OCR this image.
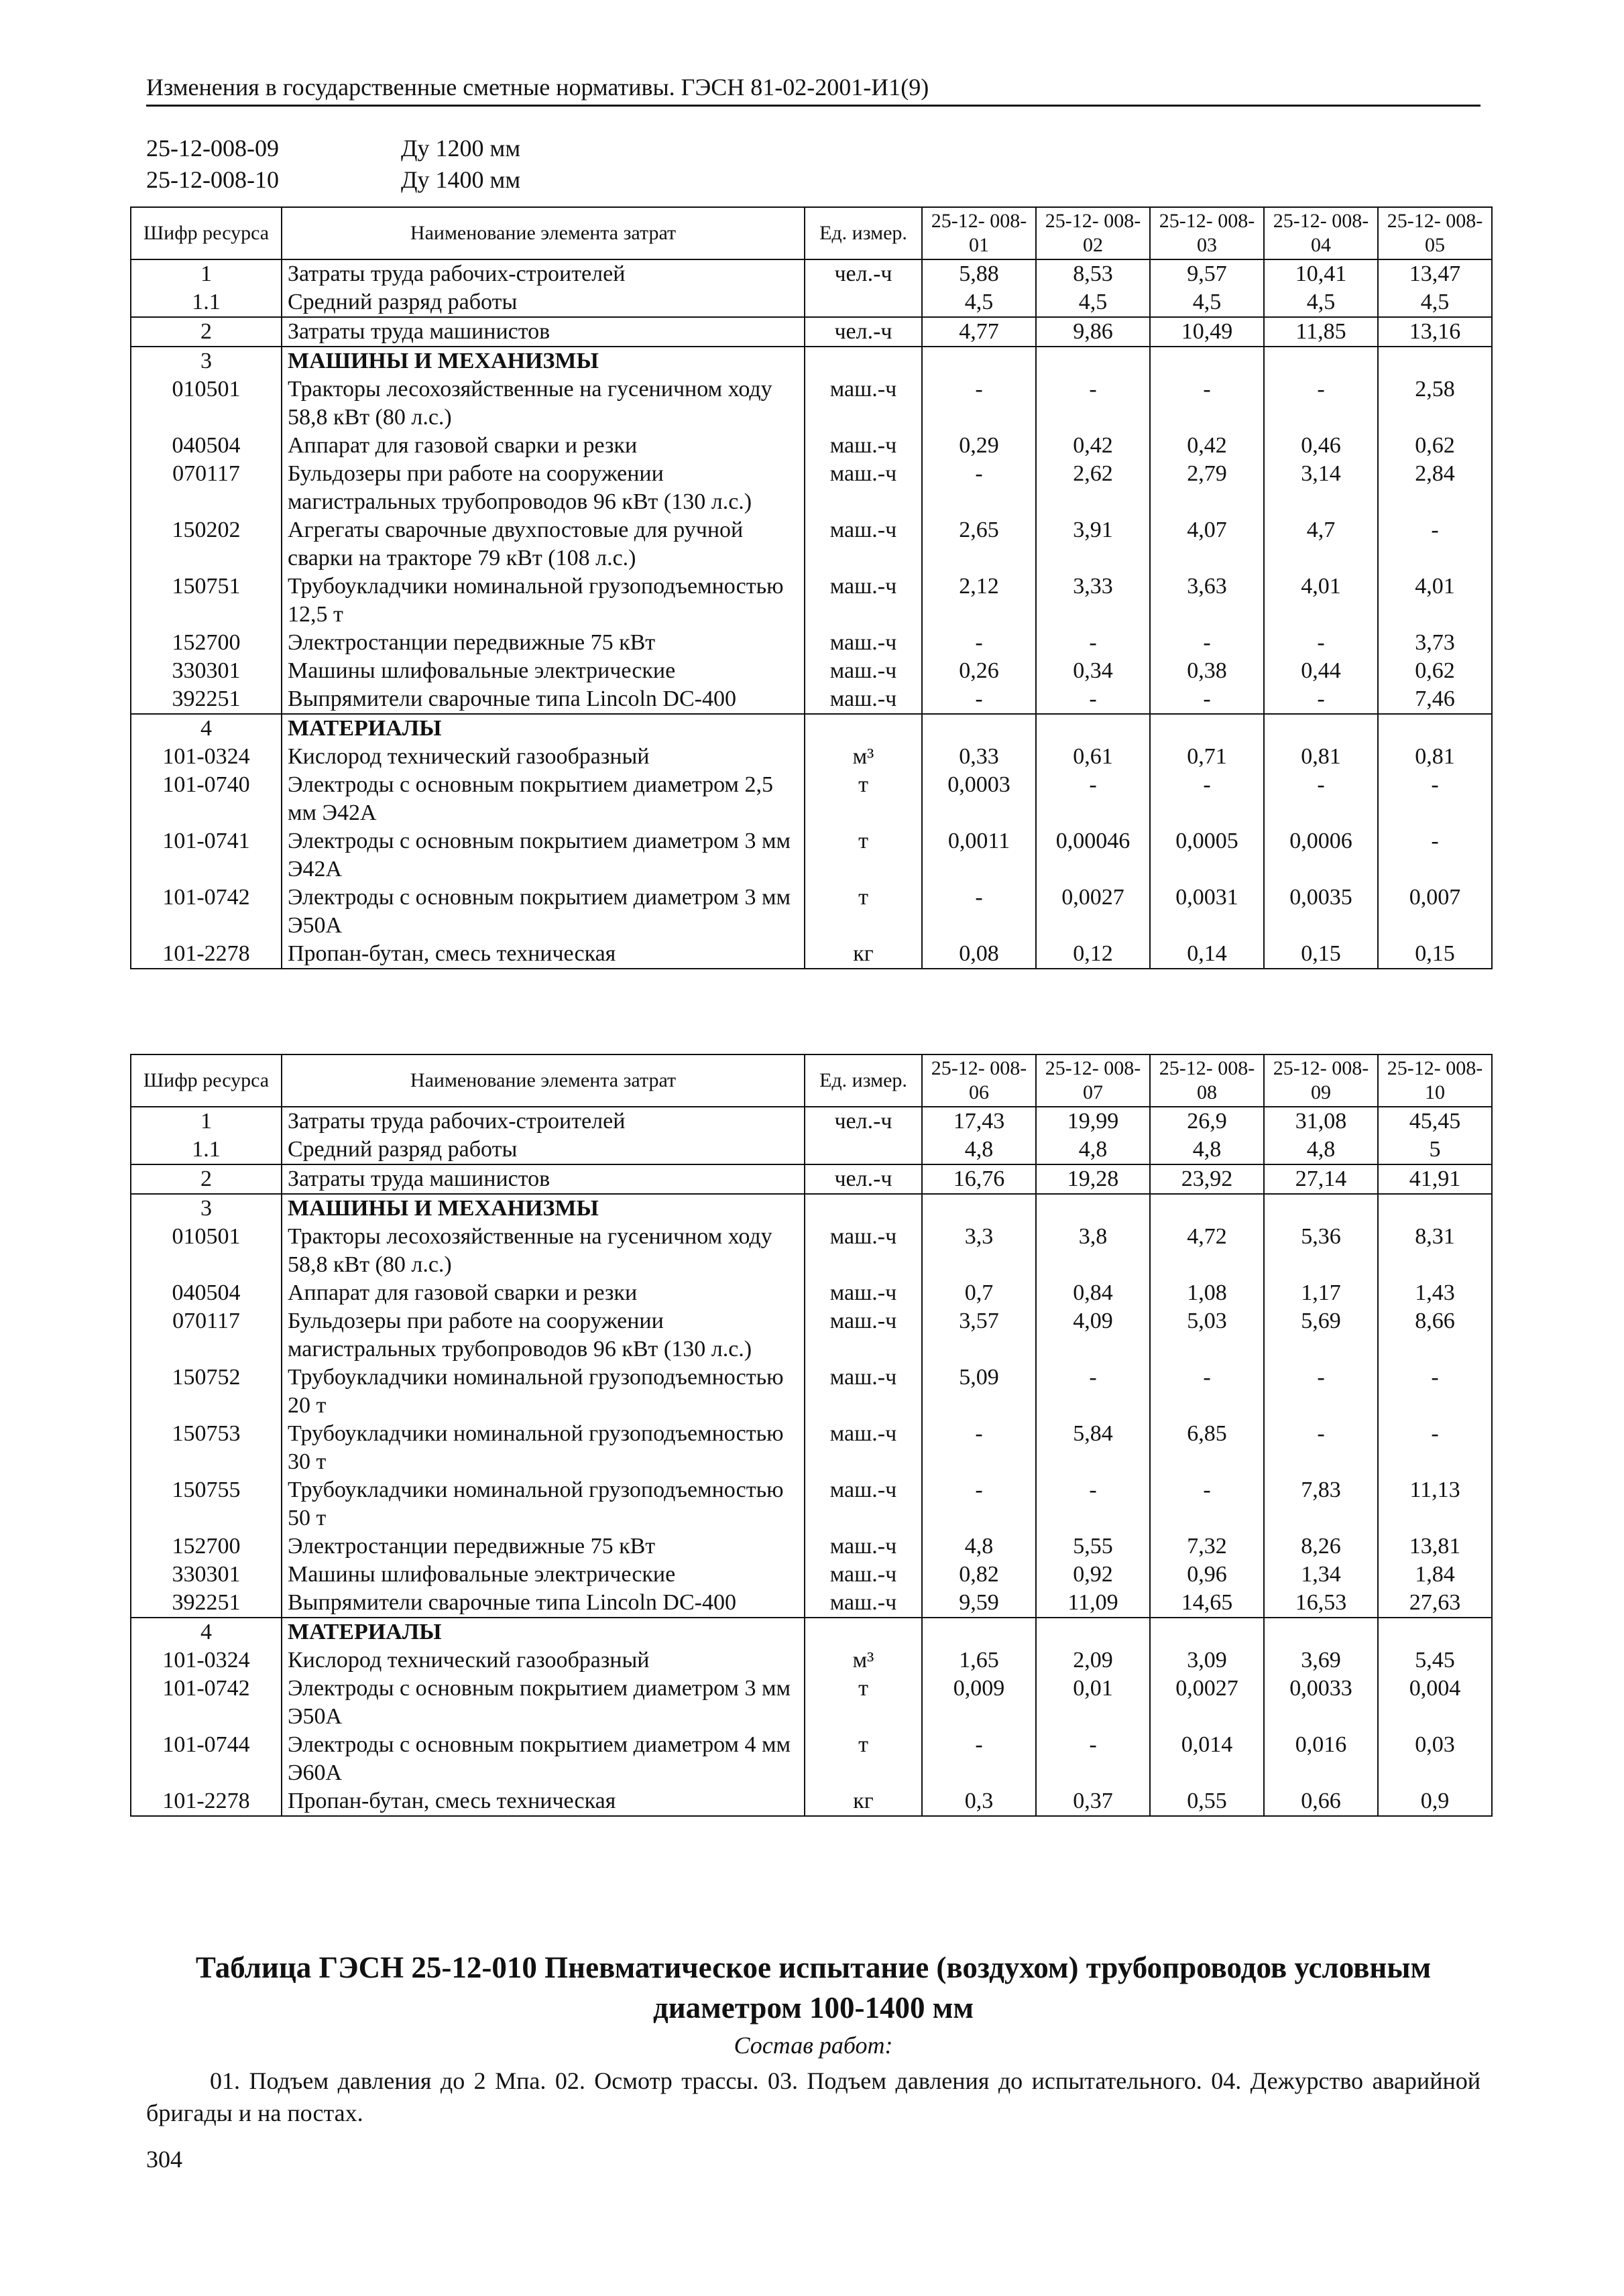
Изменения в государственные сметные нормативы. ГЭСН 81-02-2001-И1(9)
25-12-008-09	Ду 1200 мм
25-12-008-10	Ду 1400 мм
Шифр ресурса	Наименование элемента затрат	Ед. измер.	25-12- 008-01	25-12- 008-02	25-12- 008-03	25-12- 008-04	25-12- 008-05
1	Затраты труда рабочих-строителей	чел.-ч	5,88	8,53	9,57	10,41	13,47
1.1	Средний разряд работы		4,5	4,5	4,5	4,5	4,5
2	Затраты труда машинистов	чел.-ч	4,77	9,86	10,49	11,85	13,16
3	МАШИНЫ И МЕХАНИЗМЫ						
010501	Тракторы лесохозяйственные на гусеничном ходу 58,8 кВт (80 л.с.)	маш.-ч	-	-	-	-	2,58
040504	Аппарат для газовой сварки и резки	маш.-ч	0,29	0,42	0,42	0,46	0,62
070117	Бульдозеры при работе на сооружении магистральных трубопроводов 96 кВт (130 л.с.)	маш.-ч	-	2,62	2,79	3,14	2,84
150202	Агрегаты сварочные двухпостовые для ручной сварки на тракторе 79 кВт (108 л.с.)	маш.-ч	2,65	3,91	4,07	4,7	-
150751	Трубоукладчики номинальной грузоподъемностью 12,5 т	маш.-ч	2,12	3,33	3,63	4,01	4,01
152700	Электростанции передвижные 75 кВт	маш.-ч	-	-	-	-	3,73
330301	Машины шлифовальные электрические	маш.-ч	0,26	0,34	0,38	0,44	0,62
392251	Выпрямители сварочные типа Lincoln DC-400	маш.-ч	-	-	-	-	7,46
4	МАТЕРИАЛЫ						
101-0324	Кислород технический газообразный	м³	0,33	0,61	0,71	0,81	0,81
101-0740	Электроды с основным покрытием диаметром 2,5 мм Э42А	т	0,0003	-	-	-	-
101-0741	Электроды с основным покрытием диаметром 3 мм Э42А	т	0,0011	0,00046	0,0005	0,0006	-
101-0742	Электроды с основным покрытием диаметром 3 мм Э50А	т	-	0,0027	0,0031	0,0035	0,007
101-2278	Пропан-бутан, смесь техническая	кг	0,08	0,12	0,14	0,15	0,15
Шифр ресурса	Наименование элемента затрат	Ед. измер.	25-12- 008-06	25-12- 008-07	25-12- 008-08	25-12- 008-09	25-12- 008-10
1	Затраты труда рабочих-строителей	чел.-ч	17,43	19,99	26,9	31,08	45,45
1.1	Средний разряд работы		4,8	4,8	4,8	4,8	5
2	Затраты труда машинистов	чел.-ч	16,76	19,28	23,92	27,14	41,91
3	МАШИНЫ И МЕХАНИЗМЫ						
010501	Тракторы лесохозяйственные на гусеничном ходу 58,8 кВт (80 л.с.)	маш.-ч	3,3	3,8	4,72	5,36	8,31
040504	Аппарат для газовой сварки и резки	маш.-ч	0,7	0,84	1,08	1,17	1,43
070117	Бульдозеры при работе на сооружении магистральных трубопроводов 96 кВт (130 л.с.)	маш.-ч	3,57	4,09	5,03	5,69	8,66
150752	Трубоукладчики номинальной грузоподъемностью 20 т	маш.-ч	5,09	-	-	-	-
150753	Трубоукладчики номинальной грузоподъемностью 30 т	маш.-ч	-	5,84	6,85	-	-
150755	Трубоукладчики номинальной грузоподъемностью 50 т	маш.-ч	-	-	-	7,83	11,13
152700	Электростанции передвижные 75 кВт	маш.-ч	4,8	5,55	7,32	8,26	13,81
330301	Машины шлифовальные электрические	маш.-ч	0,82	0,92	0,96	1,34	1,84
392251	Выпрямители сварочные типа Lincoln DC-400	маш.-ч	9,59	11,09	14,65	16,53	27,63
4	МАТЕРИАЛЫ						
101-0324	Кислород технический газообразный	м³	1,65	2,09	3,09	3,69	5,45
101-0742	Электроды с основным покрытием диаметром 3 мм Э50А	т	0,009	0,01	0,0027	0,0033	0,004
101-0744	Электроды с основным покрытием диаметром 4 мм Э60А	т	-	-	0,014	0,016	0,03
101-2278	Пропан-бутан, смесь техническая	кг	0,3	0,37	0,55	0,66	0,9
Таблица ГЭСН 25-12-010 Пневматическое испытание (воздухом) трубопроводов условным диаметром 100-1400 мм
Состав работ:
01. Подъем давления до 2 Мпа. 02. Осмотр трассы. 03. Подъем давления до испытательного. 04. Дежурство аварийной бригады и на постах.
304
